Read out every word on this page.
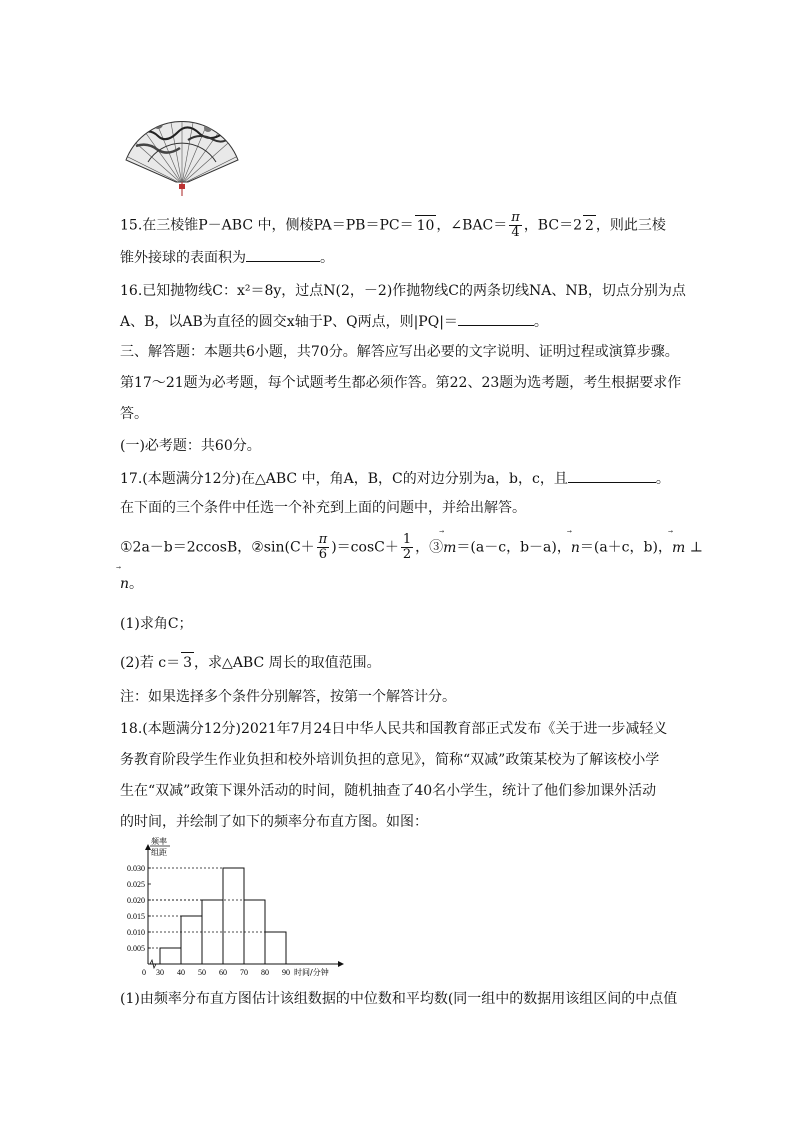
15.在三棱锥P－ABC 中，侧棱PA＝PB＝PC＝ 10 ，∠BAC＝ $\frac{\pi}{4}$ ，BC＝2 2 ，则此三棱
锥外接球的表面积为	。
16.已知抛物线C：x²＝8y，过点N(2，－2)作抛物线C的两条切线NA、NB，切点分别为点
A、B，以AB为直径的圆交x轴于P、Q两点，则|PQ|＝	。
三、解答题：本题共6小题，共70分。解答应写出必要的文字说明、证明过程或演算步骤。
第17～21题为必考题，每个试题考生都必须作答。第22、23题为选考题，考生根据要求作
答。
(一)必考题：共60分。
17.(本题满分12分)在△ABC 中，角A，B，C的对边分别为a，b，c，且	。
在下面的三个条件中任选一个补充到上面的问题中，并给出解答。
①2a－b＝2ccosB，②sin(C＋ $\frac{\pi}{6} )=\cos C+ \frac{1}{2}$ ，③⃗ m＝(a－c，b－a)，⃗ n＝(a＋c，b)，⃗ m ⊥
⃗ n。
(1)求角C；
(2)若 c＝ 3 ，求△ABC 周长的取值范围。
注：如果选择多个条件分别解答，按第一个解答计分。
18.(本题满分12分)2021年7月24日中华人民共和国教育部正式发布《关于进一步减轻义
务教育阶段学生作业负担和校外培训负担的意见》，简称“双减”政策某校为了解该校小学
生在“双减”政策下课外活动的时间，随机抽查了40名小学生，统计了他们参加课外活动
的时间，并绘制了如下的频率分布直方图。如图：
0.005
0.010
0.015
0.020
0.025
0.030
0 30 40 50 60 70 80 90 时间/分钟
频率
组距
(1)由频率分布直方图估计该组数据的中位数和平均数(同一组中的数据用该组区间的中点值
